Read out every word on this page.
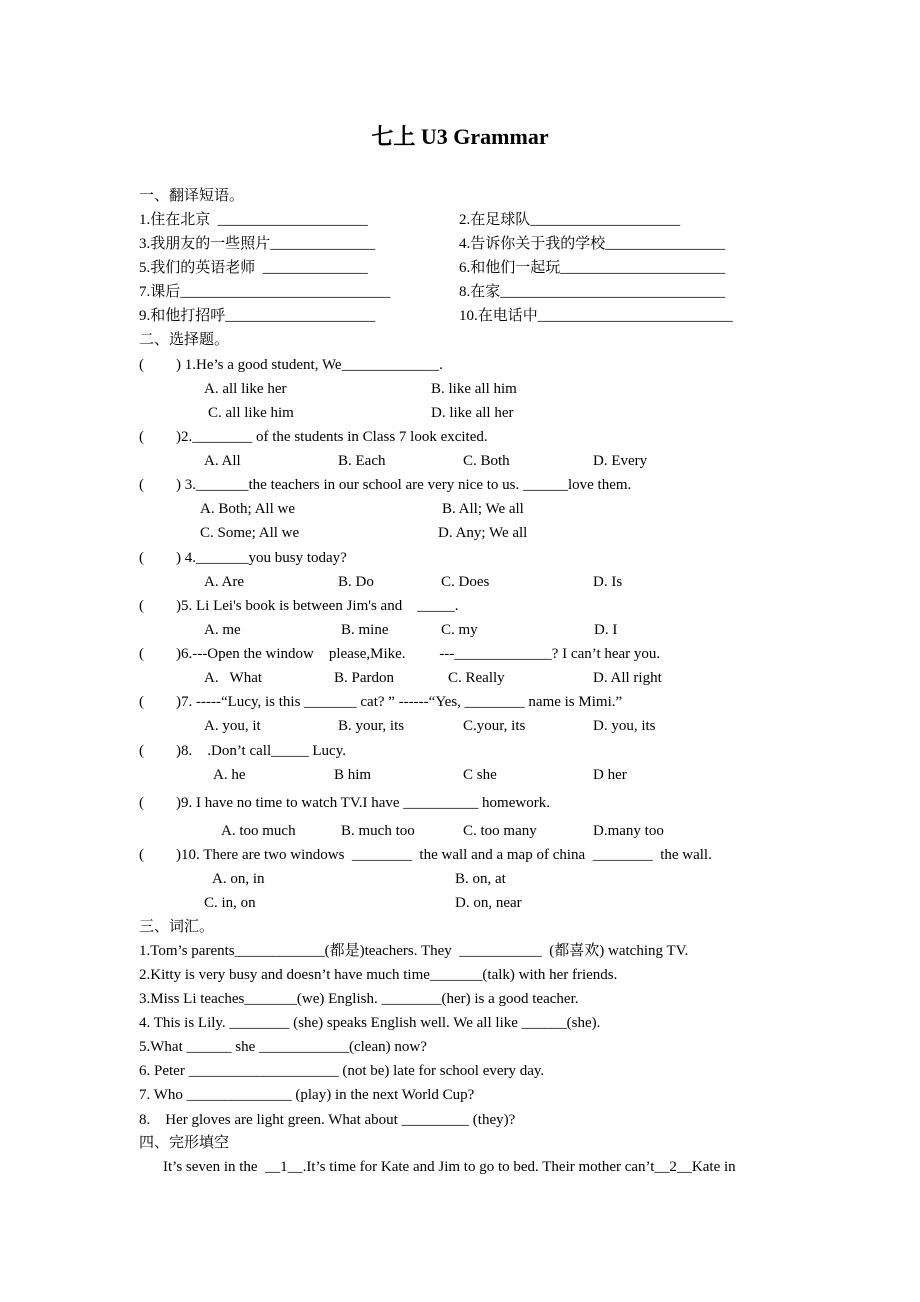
七上 U3 Grammar
一、翻译短语。
1.住在北京  ____________________	2.在足球队____________________
3.我朋友的一些照片______________	4.告诉你关于我的学校________________
5.我们的英语老师  ______________	6.和他们一起玩______________________
7.课后____________________________	8.在家______________________________
9.和他打招呼____________________	10.在电话中__________________________
二、选择题。
( ) 1.He’s a good student, We_____________.
A. all like her	B. like all him
C. all like him	D. like all her
( )2.________ of the students in Class 7 look excited.
A. All	B. Each	C. Both	D. Every
( ) 3._______the teachers in our school are very nice to us. ______love them.
A. Both; All we	B. All; We all
C. Some; All we	D. Any; We all
( ) 4._______you busy today?
A. Are	B. Do	C. Does	D. Is
( )5. Li Lei's book is between Jim's and    _____.
A. me	B. mine	C. my	D. I
( )6.---Open the window    please,Mike.         ---_____________? I can’t hear you.
A.   What	B. Pardon	C. Really	D. All right
( )7. -----“Lucy, is this _______ cat? ” ------“Yes, ________ name is Mimi.”
A. you, it	B. your, its	C.your, its	D. you, its
( )8.    .Don’t call_____ Lucy.
A. he	B him	C she	D her
( )9. I have no time to watch TV.I have __________ homework.
A. too much	B. much too	C. too many	D.many too
( )10. There are two windows  ________  the wall and a map of china  ________  the wall.
A. on, in	B. on, at
C. in, on	D. on, near
三、词汇。
1.Tom’s parents____________(都是)teachers. They  ___________  (都喜欢) watching TV.
2.Kitty is very busy and doesn’t have much time_______(talk) with her friends.
3.Miss Li teaches_______(we) English. ________(her) is a good teacher.
4. This is Lily. ________ (she) speaks English well. We all like ______(she).
5.What ______ she ____________(clean) now?
6. Peter ____________________ (not be) late for school every day.
7. Who ______________ (play) in the next World Cup?
8.    Her gloves are light green. What about _________ (they)?
四、完形填空
It’s seven in the  __1__.It’s time for Kate and Jim to go to bed. Their mother can’t__2__Kate in
